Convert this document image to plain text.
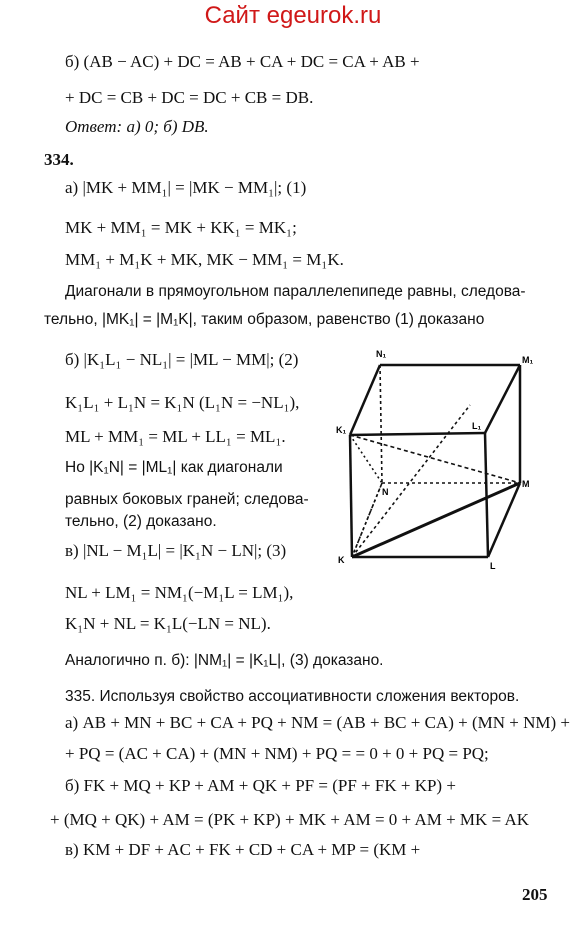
Сайт egeurok.ru
б) (AB − AC) + DC = AB + CA + DC = CA + AB +
+ DC = CB + DC = DC + CB = DB.
Ответ: а) 0; б) DB.
334.
а) |MK + MM₁| = |MK − MM₁|; (1)
MK + MM₁ = MK + KK₁ = MK₁;
MM₁ + M₁K + MK, MK − MM₁ = M₁K.
Диагонали в прямоугольном параллелепипеде равны, следова-
тельно, |MK₁| = |M₁K|, таким образом, равенство (1) доказано
б) |K₁L₁ − NL₁| = |ML − MM|; (2)
K₁L₁ + L₁N = K₁N (L₁N = −NL₁),
ML + MM₁ = ML + LL₁ = ML₁.
Но |K₁N| = |ML₁| как диагонали
равных боковых граней; следова-
тельно, (2) доказано.
в) |NL − M₁L| = |K₁N − LN|; (3)
NL + LM₁ = NM₁(−M₁L = LM₁),
K₁N + NL = K₁L(−LN = NL).
Аналогично п. б): |NM₁| = |K₁L|, (3) доказано.
335. Используя свойство ассоциативности сложения векторов.
а) AB + MN + BC + CA + PQ + NM = (AB + BC + CA) + (MN + NM) +
+ PQ = (AC + CA) + (MN + NM) + PQ = = 0 + 0 + PQ = PQ;
б) FK + MQ + KP + AM + QK + PF = (PF + FK + KP) +
+ (MQ + QK) + AM = (PK + KP) + MK + AM = 0 + AM + MK = AK
в) KM + DF + AC + FK + CD + CA + MP = (KM +
N₁
M₁
K₁	L₁
N
M
K
L
205
